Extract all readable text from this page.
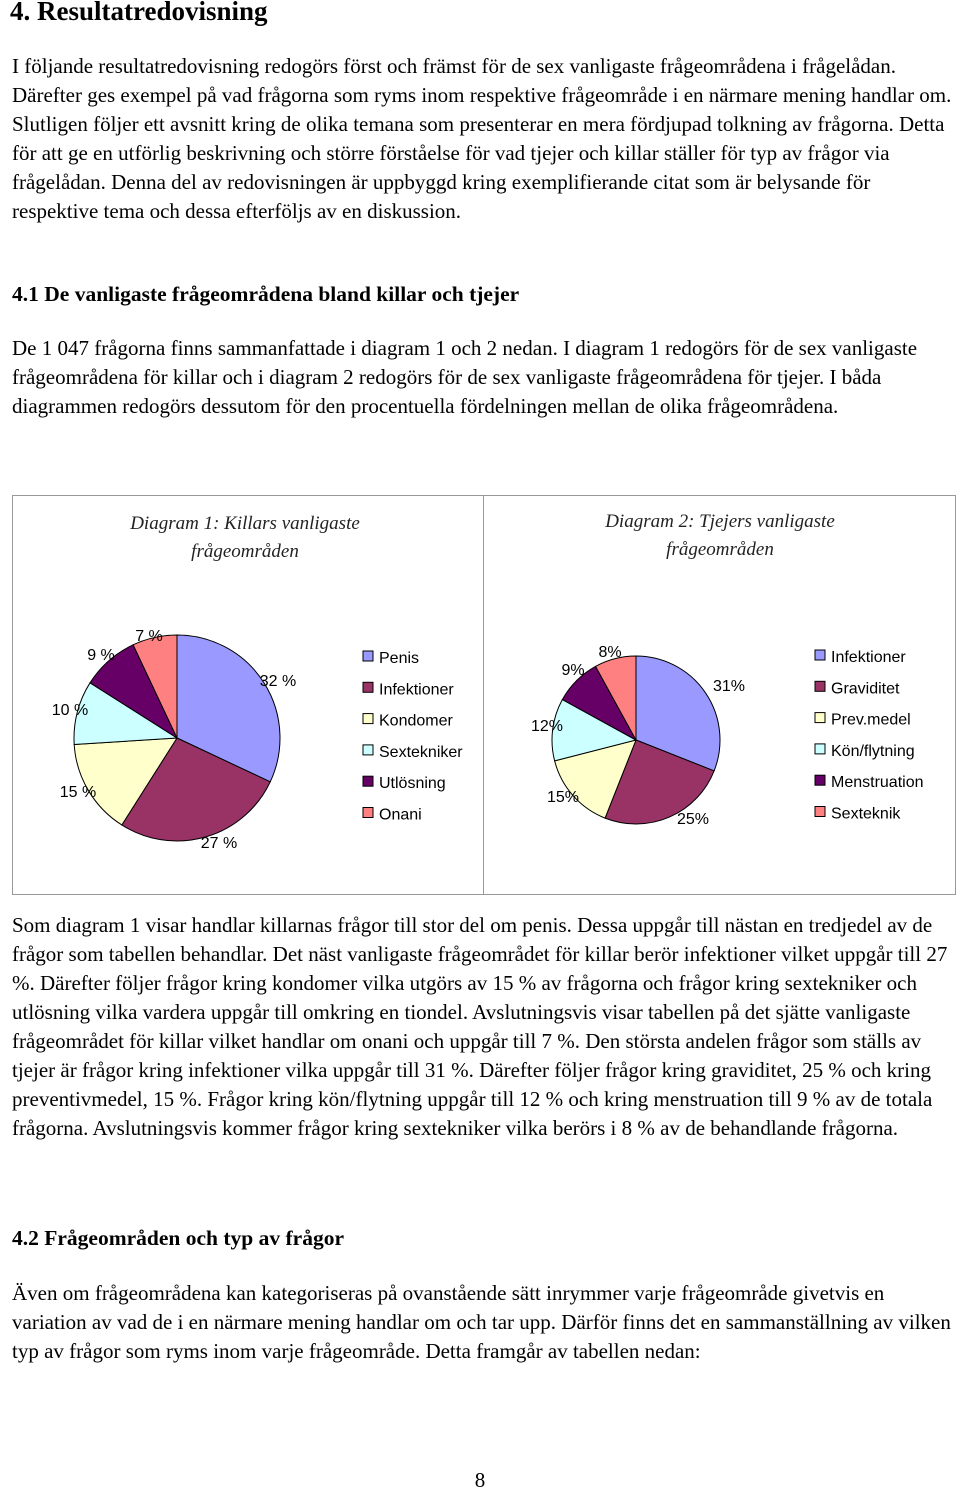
4. Resultatredovisning

I följande resultatredovisning redogörs först och främst för de sex vanligaste frågeområdena i frågelådan. Därefter ges exempel på vad frågorna som ryms inom respektive frågeområde i en närmare mening handlar om. Slutligen följer ett avsnitt kring de olika temana som presenterar en mera fördjupad tolkning av frågorna. Detta för att ge en utförlig beskrivning och större förståelse för vad tjejer och killar ställer för typ av frågor via frågelådan. Denna del av redovisningen är uppbyggd kring exemplifierande citat som är belysande för respektive tema och dessa efterföljs av en diskussion.

4.1 De vanligaste frågeområdena bland killar och tjejer

De 1 047 frågorna finns sammanfattade i diagram 1 och 2 nedan. I diagram 1 redogörs för de sex vanligaste frågeområdena för killar och i diagram 2 redogörs för de sex vanligaste frågeområdena för tjejer. I båda diagrammen redogörs dessutom för den procentuella fördelningen mellan de olika frågeområdena.

Diagram 1: Killars vanligaste
frågeområden
Diagram 2: Tjejers vanligaste
frågeområden
32 %
27 %
15 %
10 %
9 %
7 %
Penis
Infektioner
Kondomer
Sextekniker
Utlösning
Onani
31%
25%
15%
12%
9%
8%	Infektioner
Graviditet
Prev.medel
Kön/flytning
Menstruation
Sexteknik

Som diagram 1 visar handlar killarnas frågor till stor del om penis. Dessa uppgår till nästan en tredjedel av de frågor som tabellen behandlar. Det näst vanligaste frågeområdet för killar berör infektioner vilket uppgår till 27 %. Därefter följer frågor kring kondomer vilka utgörs av 15 % av frågorna och frågor kring sextekniker och utlösning vilka vardera uppgår till omkring en tiondel. Avslutningsvis visar tabellen på det sjätte vanligaste frågeområdet för killar vilket handlar om onani och uppgår till 7 %. Den största andelen frågor som ställs av tjejer är frågor kring infektioner vilka uppgår till 31 %. Därefter följer frågor kring graviditet, 25 % och kring preventivmedel, 15 %. Frågor kring kön/flytning uppgår till 12 % och kring menstruation till 9 % av de totala frågorna. Avslutningsvis kommer frågor kring sextekniker vilka berörs i 8 % av de behandlande frågorna.

4.2 Frågeområden och typ av frågor

Även om frågeområdena kan kategoriseras på ovanstående sätt inrymmer varje frågeområde givetvis en variation av vad de i en närmare mening handlar om och tar upp. Därför finns det en sammanställning av vilken typ av frågor som ryms inom varje frågeområde. Detta framgår av tabellen nedan:

8
